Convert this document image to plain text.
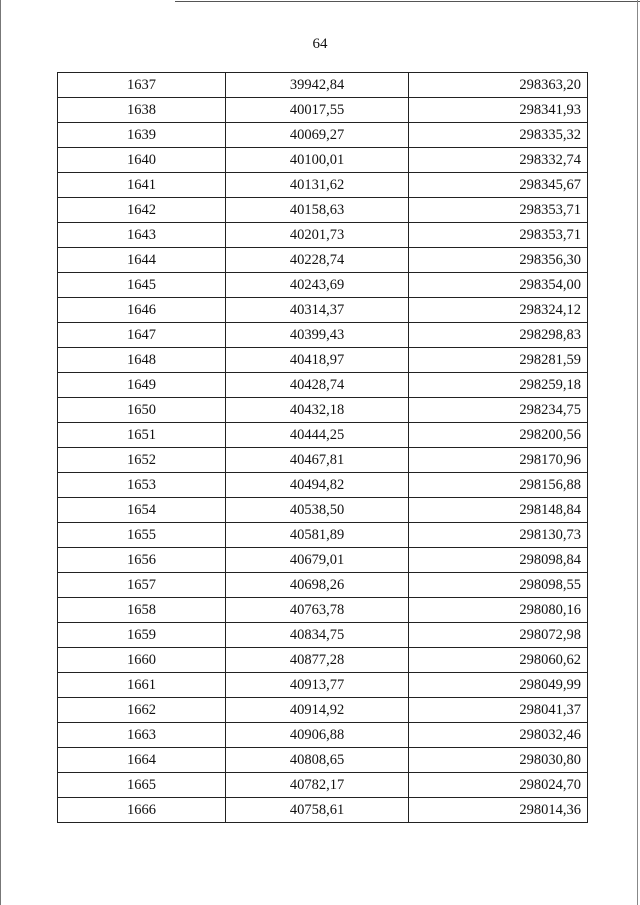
64
1637	39942,84	298363,20
1638	40017,55	298341,93
1639	40069,27	298335,32
1640	40100,01	298332,74
1641	40131,62	298345,67
1642	40158,63	298353,71
1643	40201,73	298353,71
1644	40228,74	298356,30
1645	40243,69	298354,00
1646	40314,37	298324,12
1647	40399,43	298298,83
1648	40418,97	298281,59
1649	40428,74	298259,18
1650	40432,18	298234,75
1651	40444,25	298200,56
1652	40467,81	298170,96
1653	40494,82	298156,88
1654	40538,50	298148,84
1655	40581,89	298130,73
1656	40679,01	298098,84
1657	40698,26	298098,55
1658	40763,78	298080,16
1659	40834,75	298072,98
1660	40877,28	298060,62
1661	40913,77	298049,99
1662	40914,92	298041,37
1663	40906,88	298032,46
1664	40808,65	298030,80
1665	40782,17	298024,70
1666	40758,61	298014,36
